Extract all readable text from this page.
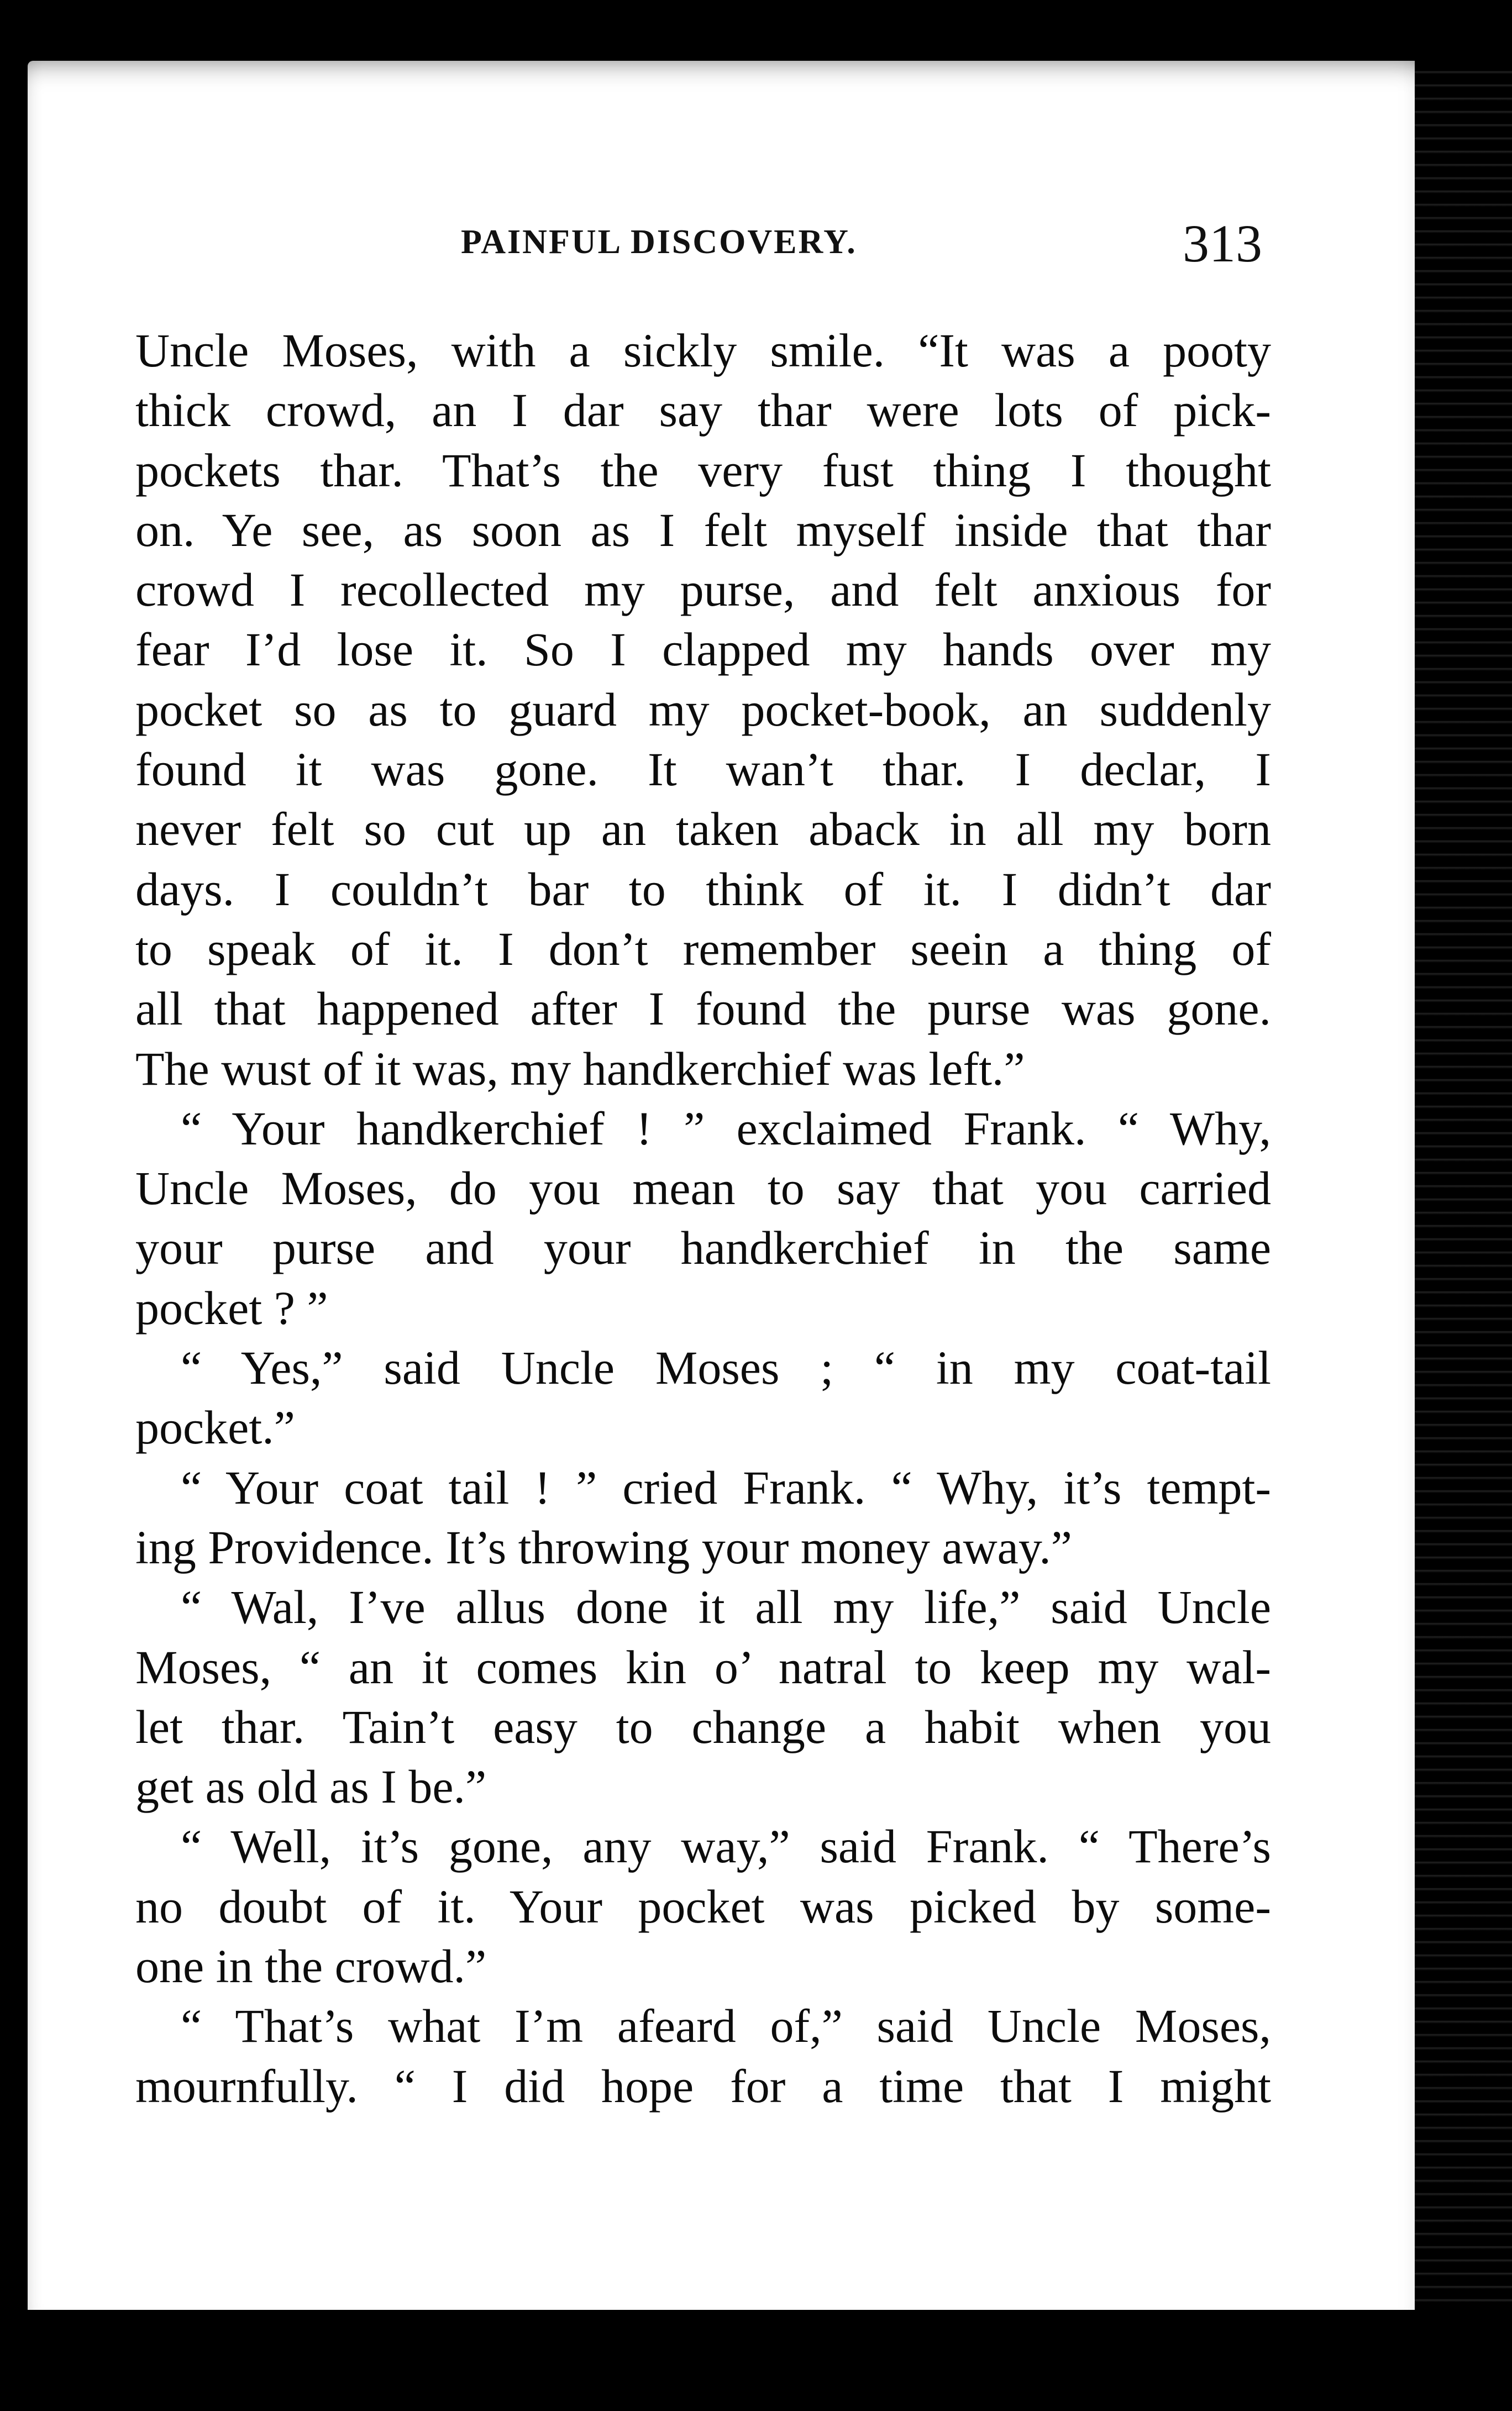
PAINFUL DISCOVERY.	313
Uncle Moses, with a sickly smile. “It was a pooty
thick crowd, an I dar say thar were lots of pick-
pockets thar. That’s the very fust thing I thought
on. Ye see, as soon as I felt myself inside that thar
crowd I recollected my purse, and felt anxious for
fear I’d lose it. So I clapped my hands over my
pocket so as to guard my pocket-book, an suddenly
found it was gone. It wan’t thar. I declar, I
never felt so cut up an taken aback in all my born
days. I couldn’t bar to think of it. I didn’t dar
to speak of it. I don’t remember seein a thing of
all that happened after I found the purse was gone.
The wust of it was, my handkerchief was left.”
“ Your handkerchief ! ” exclaimed Frank. “ Why,
Uncle Moses, do you mean to say that you carried
your purse and your handkerchief in the same
pocket ? ”
“ Yes,” said Uncle Moses ; “ in my coat-tail
pocket.”
“ Your coat tail ! ” cried Frank. “ Why, it’s tempt-
ing Providence. It’s throwing your money away.”
“ Wal, I’ve allus done it all my life,” said Uncle
Moses, “ an it comes kin o’ natral to keep my wal-
let thar. Tain’t easy to change a habit when you
get as old as I be.”
“ Well, it’s gone, any way,” said Frank. “ There’s
no doubt of it. Your pocket was picked by some-
one in the crowd.”
“ That’s what I’m afeard of,” said Uncle Moses,
mournfully. “ I did hope for a time that I might
